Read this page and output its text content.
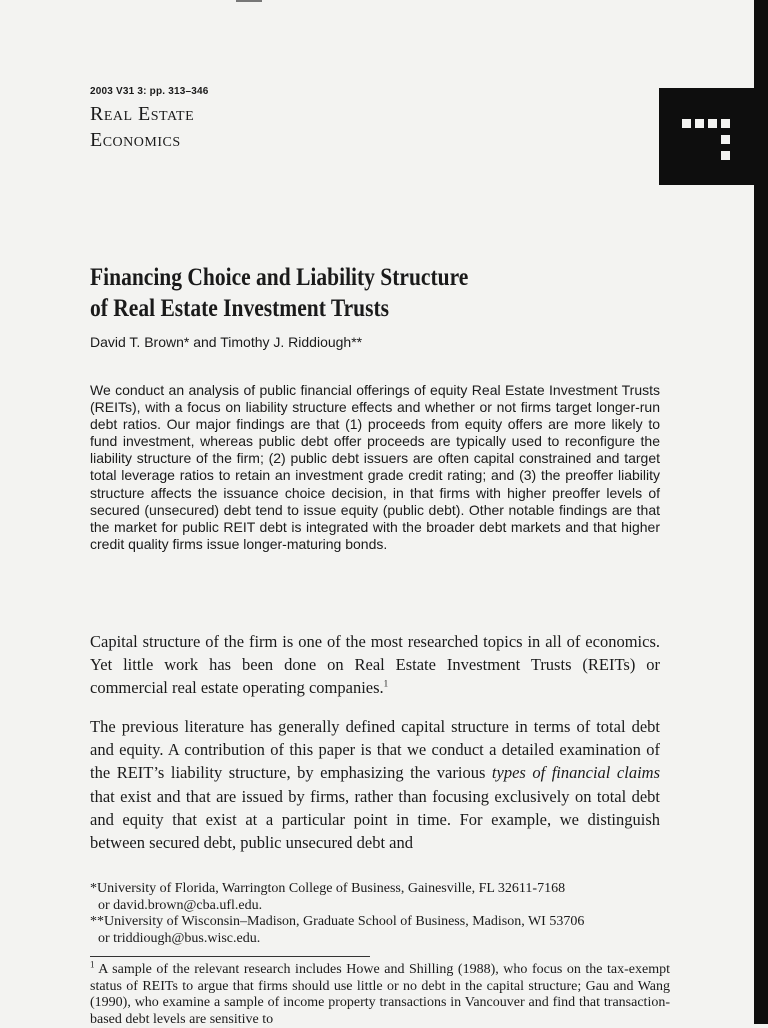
2003 V31 3: pp. 313–346
Real Estate
Economics
Financing Choice and Liability Structure
of Real Estate Investment Trusts
David T. Brown* and Timothy J. Riddiough**

We conduct an analysis of public financial offerings of equity Real Estate Investment Trusts (REITs), with a focus on liability structure effects and whether or not firms target longer-run debt ratios. Our major findings are that (1) proceeds from equity offers are more likely to fund investment, whereas public debt offer proceeds are typically used to reconfigure the liability structure of the firm; (2) public debt issuers are often capital constrained and target total leverage ratios to retain an investment grade credit rating; and (3) the preoffer liability structure affects the issuance choice decision, in that firms with higher preoffer levels of secured (unsecured) debt tend to issue equity (public debt). Other notable findings are that the market for public REIT debt is integrated with the broader debt markets and that higher credit quality firms issue longer-maturing bonds.

Capital structure of the firm is one of the most researched topics in all of economics. Yet little work has been done on Real Estate Investment Trusts (REITs) or commercial real estate operating companies.$^1$

The previous literature has generally defined capital structure in terms of total debt and equity. A contribution of this paper is that we conduct a detailed examination of the REIT’s liability structure, by emphasizing the various types of financial claims that exist and that are issued by firms, rather than focusing exclusively on total debt and equity that exist at a particular point in time. For example, we distinguish between secured debt, public unsecured debt and

*University of Florida, Warrington College of Business, Gainesville, FL 32611-7168
or david.brown@cba.ufl.edu.
**University of Wisconsin–Madison, Graduate School of Business, Madison, WI 53706
or triddiough@bus.wisc.edu.

$^1$ A sample of the relevant research includes Howe and Shilling (1988), who focus on the tax-exempt status of REITs to argue that firms should use little or no debt in the capital structure; Gau and Wang (1990), who examine a sample of income property transactions in Vancouver and find that transaction-based debt levels are sensitive to
